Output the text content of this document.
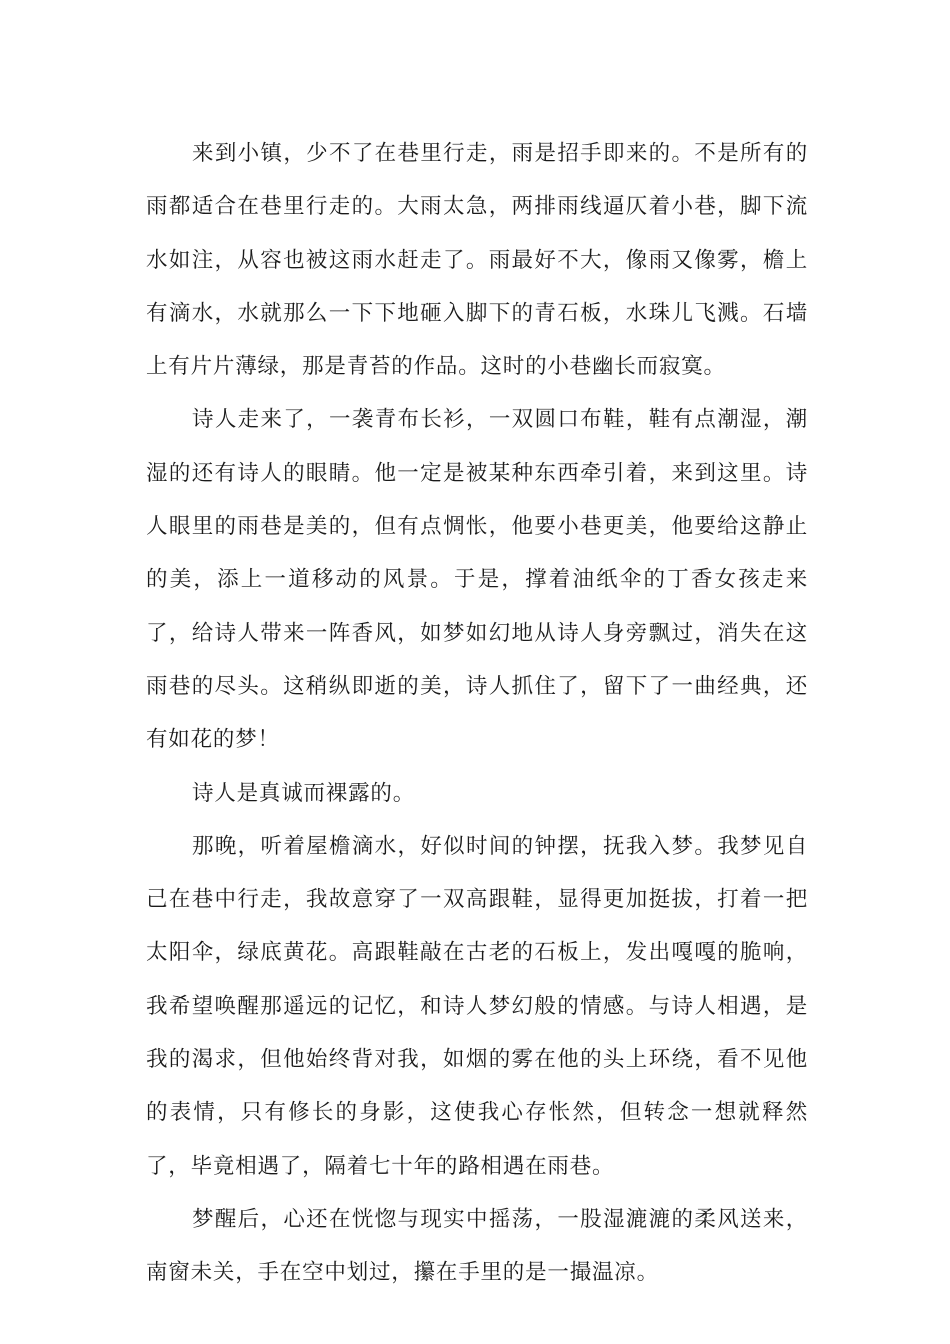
来到小镇，少不了在巷里行走，雨是招手即来的。不是所有的
雨都适合在巷里行走的。大雨太急，两排雨线逼仄着小巷，脚下流
水如注，从容也被这雨水赶走了。雨最好不大，像雨又像雾，檐上
有滴水，水就那么一下下地砸入脚下的青石板，水珠儿飞溅。石墙
上有片片薄绿，那是青苔的作品。这时的小巷幽长而寂寞。
诗人走来了，一袭青布长衫，一双圆口布鞋，鞋有点潮湿，潮
湿的还有诗人的眼睛。他一定是被某种东西牵引着，来到这里。诗
人眼里的雨巷是美的，但有点惆怅，他要小巷更美，他要给这静止
的美，添上一道移动的风景。于是，撑着油纸伞的丁香女孩走来
了，给诗人带来一阵香风，如梦如幻地从诗人身旁飘过，消失在这
雨巷的尽头。这稍纵即逝的美，诗人抓住了，留下了一曲经典，还
有如花的梦！
诗人是真诚而裸露的。
那晚，听着屋檐滴水，好似时间的钟摆，抚我入梦。我梦见自
己在巷中行走，我故意穿了一双高跟鞋，显得更加挺拔，打着一把
太阳伞，绿底黄花。高跟鞋敲在古老的石板上，发出嘎嘎的脆响，
我希望唤醒那遥远的记忆，和诗人梦幻般的情感。与诗人相遇，是
我的渴求，但他始终背对我，如烟的雾在他的头上环绕，看不见他
的表情，只有修长的身影，这使我心存怅然，但转念一想就释然
了，毕竟相遇了，隔着七十年的路相遇在雨巷。
梦醒后，心还在恍惚与现实中摇荡，一股湿漉漉的柔风送来，
南窗未关，手在空中划过，攥在手里的是一撮温凉。
